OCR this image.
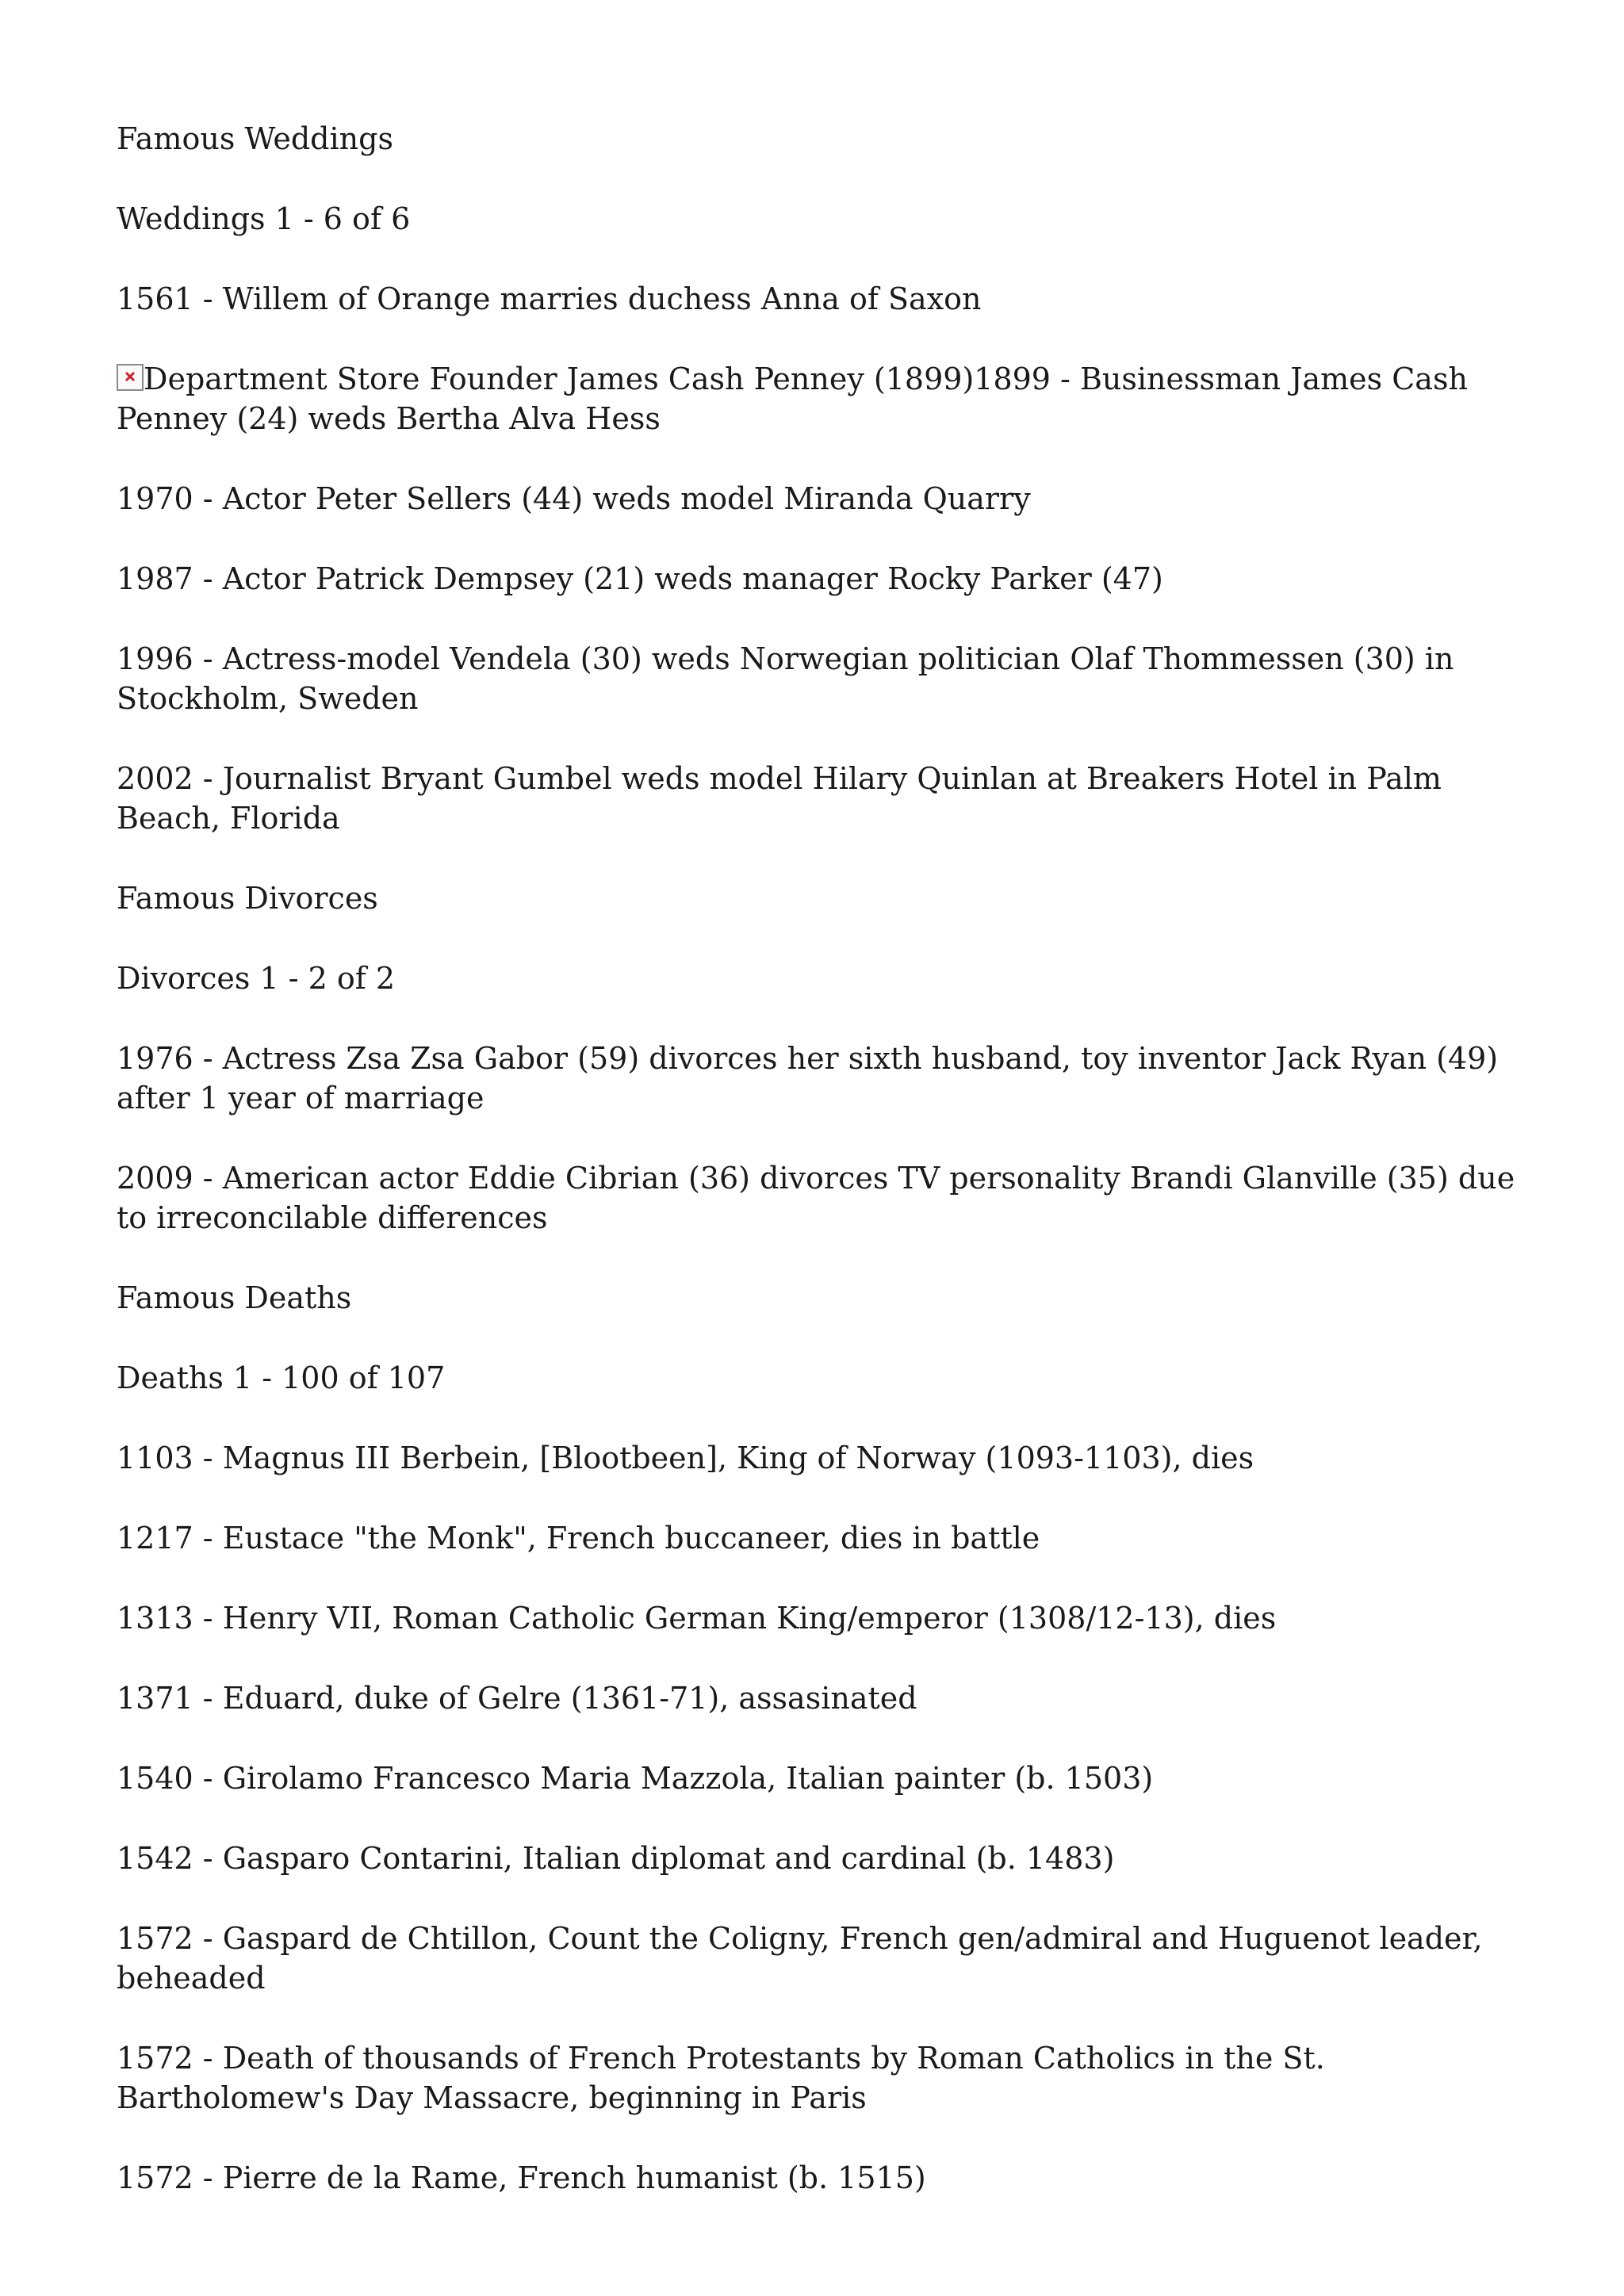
Famous Weddings

Weddings 1 - 6 of 6

1561 - Willem of Orange marries duchess Anna of Saxon

Department Store Founder James Cash Penney (1899)1899 - Businessman James Cash Penney (24) weds Bertha Alva Hess

1970 - Actor Peter Sellers (44) weds model Miranda Quarry

1987 - Actor Patrick Dempsey (21) weds manager Rocky Parker (47)

1996 - Actress-model Vendela (30) weds Norwegian politician Olaf Thommessen (30) in Stockholm, Sweden

2002 - Journalist Bryant Gumbel weds model Hilary Quinlan at Breakers Hotel in Palm Beach, Florida

Famous Divorces

Divorces 1 - 2 of 2

1976 - Actress Zsa Zsa Gabor (59) divorces her sixth husband, toy inventor Jack Ryan (49) after 1 year of marriage

2009 - American actor Eddie Cibrian (36) divorces TV personality Brandi Glanville (35) due to irreconcilable differences

Famous Deaths

Deaths 1 - 100 of 107

1103 - Magnus III Berbein, [Blootbeen], King of Norway (1093-1103), dies

1217 - Eustace "the Monk", French buccaneer, dies in battle

1313 - Henry VII, Roman Catholic German King/emperor (1308/12-13), dies

1371 - Eduard, duke of Gelre (1361-71), assasinated

1540 - Girolamo Francesco Maria Mazzola, Italian painter (b. 1503)

1542 - Gasparo Contarini, Italian diplomat and cardinal (b. 1483)

1572 - Gaspard de Chtillon, Count the Coligny, French gen/admiral and Huguenot leader, beheaded

1572 - Death of thousands of French Protestants by Roman Catholics in the St. Bartholomew's Day Massacre, beginning in Paris

1572 - Pierre de la Rame, French humanist (b. 1515)
